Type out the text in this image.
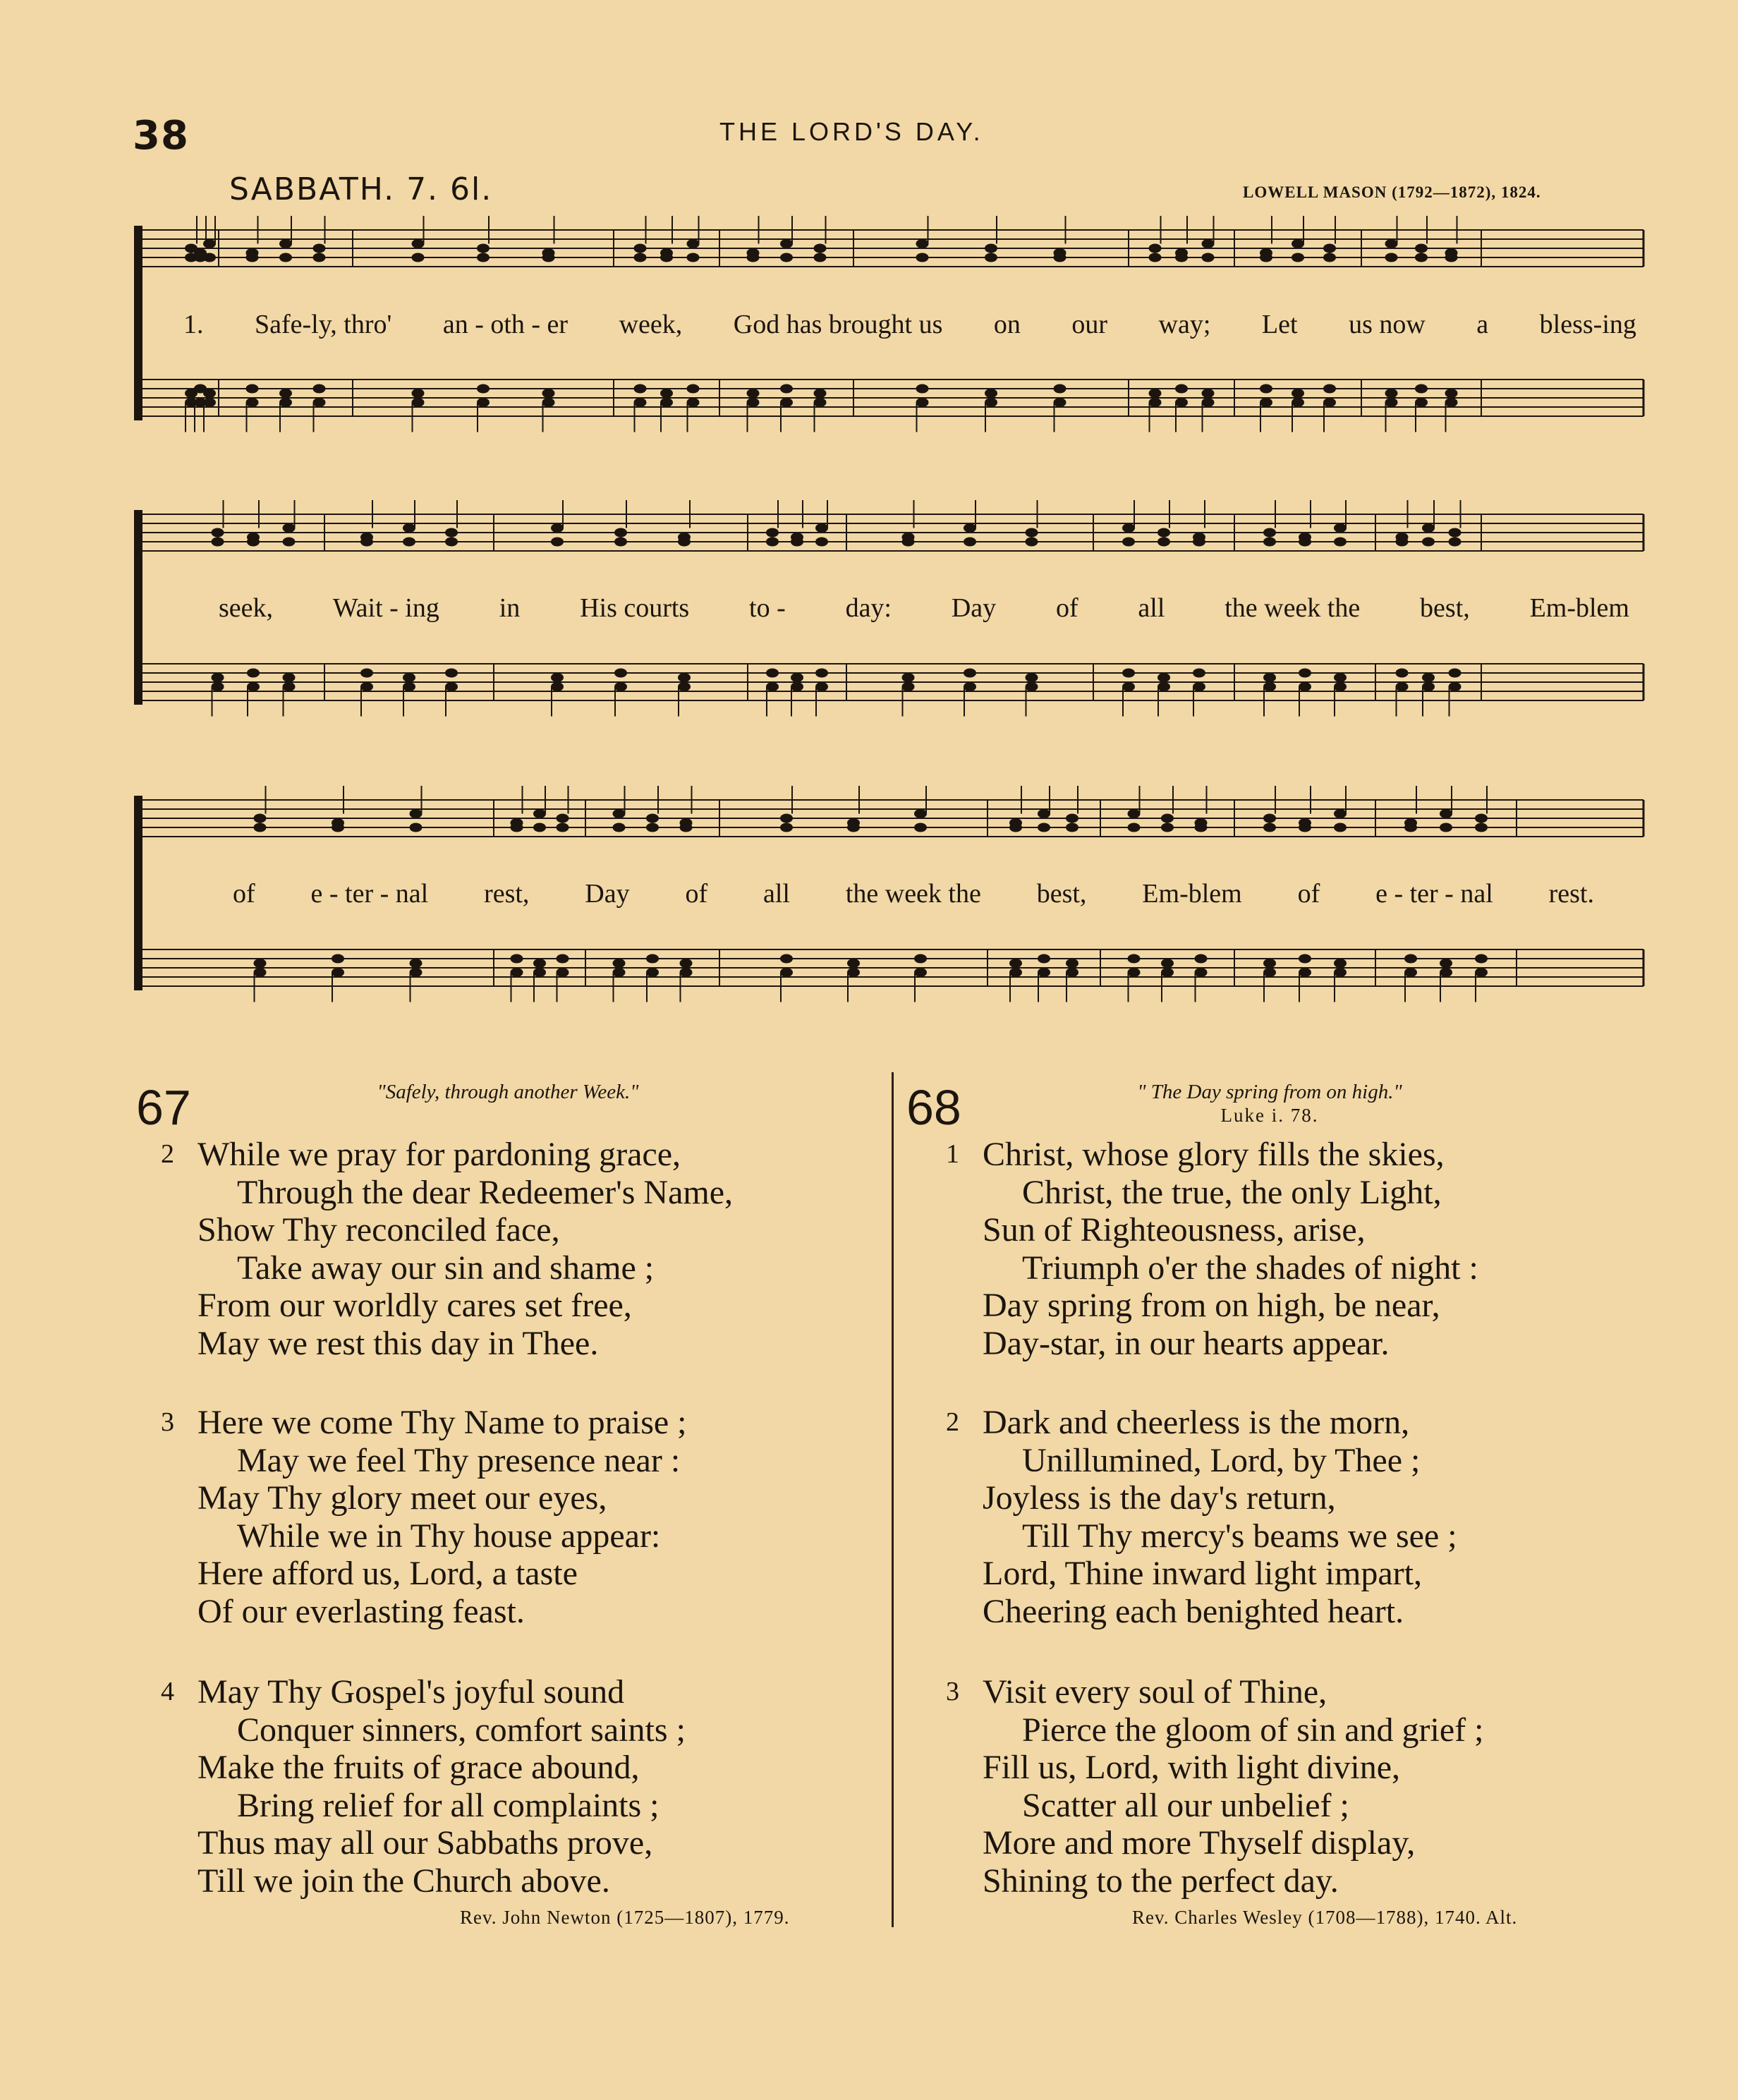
38	THE LORD'S DAY.
SABBATH. 7. 6l.	LOWELL MASON (1792—1872), 1824.
1. Safe-ly, thro' an - oth - er week, God has brought us on our way; Let us now a bless-ing
seek, Wait - ing in His courts to - day: Day of all the week the best, Em-blem
of e - ter - nal rest, Day of all the week the best, Em-blem of e - ter - nal rest.
67	"Safely, through another Week."
2 While we pray for pardoning grace,
Through the dear Redeemer's Name,
Show Thy reconciled face,
Take away our sin and shame ;
From our worldly cares set free,
May we rest this day in Thee.
3 Here we come Thy Name to praise ;
May we feel Thy presence near :
May Thy glory meet our eyes,
While we in Thy house appear:
Here afford us, Lord, a taste
Of our everlasting feast.
4 May Thy Gospel's joyful sound
Conquer sinners, comfort saints ;
Make the fruits of grace abound,
Bring relief for all complaints ;
Thus may all our Sabbaths prove,
Till we join the Church above.
Rev. John Newton (1725—1807), 1779.
68	" The Day spring from on high."
Luke i. 78.
1 Christ, whose glory fills the skies,
Christ, the true, the only Light,
Sun of Righteousness, arise,
Triumph o'er the shades of night :
Day spring from on high, be near,
Day-star, in our hearts appear.
2 Dark and cheerless is the morn,
Unillumined, Lord, by Thee ;
Joyless is the day's return,
Till Thy mercy's beams we see ;
Lord, Thine inward light impart,
Cheering each benighted heart.
3 Visit every soul of Thine,
Pierce the gloom of sin and grief ;
Fill us, Lord, with light divine,
Scatter all our unbelief ;
More and more Thyself display,
Shining to the perfect day.
Rev. Charles Wesley (1708—1788), 1740. Alt.
